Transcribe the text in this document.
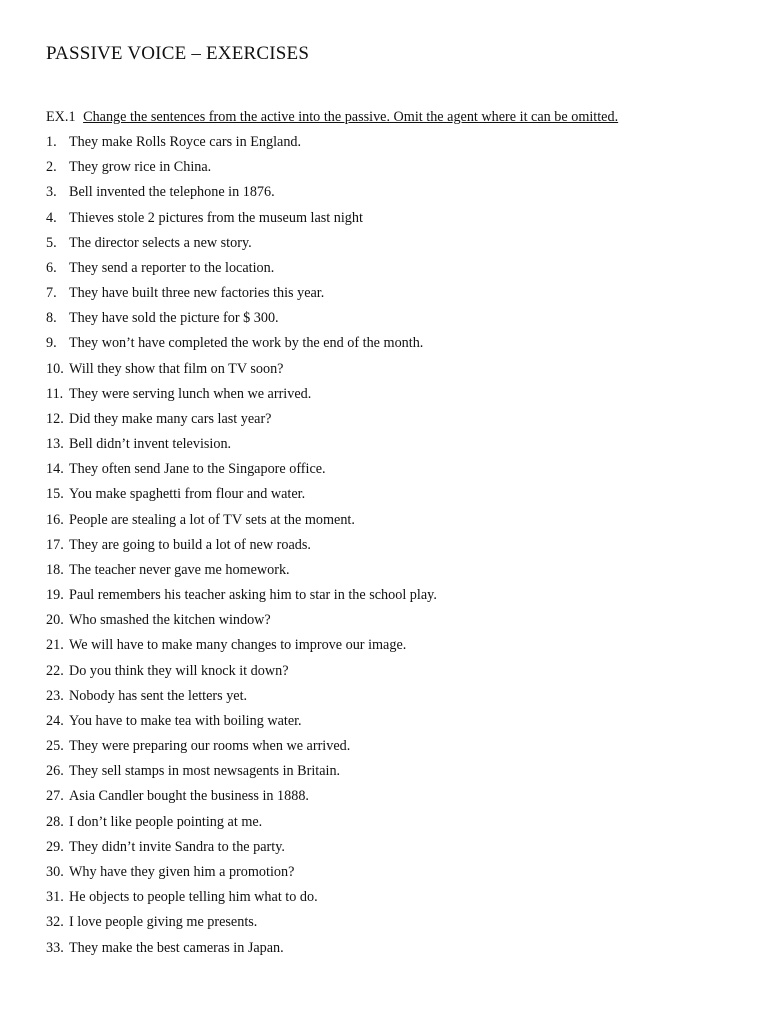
PASSIVE VOICE – EXERCISES
EX.1 Change the sentences from the active into the passive. Omit the agent where it can be omitted.
1. They make Rolls Royce cars in England.
2. They grow rice in China.
3. Bell invented the telephone in 1876.
4. Thieves stole 2 pictures from the museum last night
5. The director selects a new story.
6. They send a reporter to the location.
7. They have built three new factories this year.
8. They have sold the picture for $ 300.
9. They won’t have completed the work by the end of the month.
10. Will they show that film on TV soon?
11. They were serving lunch when we arrived.
12. Did they make many cars last year?
13. Bell didn’t invent television.
14. They often send Jane to the Singapore office.
15. You make spaghetti from flour and water.
16. People are stealing a lot of TV sets at the moment.
17. They are going to build a lot of new roads.
18. The teacher never gave me homework.
19. Paul remembers his teacher asking him to star in the school play.
20. Who smashed the kitchen window?
21. We will have to make many changes to improve our image.
22. Do you think they will knock it down?
23. Nobody has sent the letters yet.
24. You have to make tea with boiling water.
25. They were preparing our rooms when we arrived.
26. They sell stamps in most newsagents in Britain.
27. Asia Candler bought the business in 1888.
28. I don’t like people pointing at me.
29. They didn’t invite Sandra to the party.
30. Why have they given him a promotion?
31. He objects to people telling him what to do.
32. I love people giving me presents.
33. They make the best cameras in Japan.
